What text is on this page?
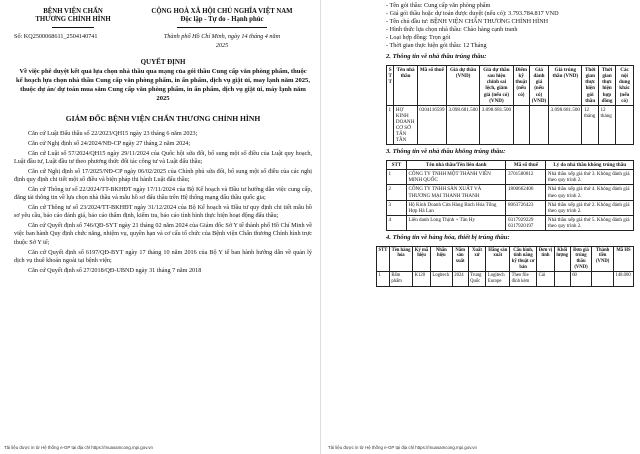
BỆNH VIỆN CHẤN
THƯƠNG CHỈNH HÌNH
CỘNG HOÀ XÃ HỘI CHỦ NGHĨA VIỆT NAM
Độc lập - Tự do - Hạnh phúc
Số: KQ2500068611_2504140741	Thành phố Hồ Chí Minh, ngày 14 tháng 4 năm
2025
QUYẾT ĐỊNH
Về việc phê duyệt kết quả lựa chọn nhà thầu qua mạng của gói thầu Cung cấp văn phòng phẩm, thuộc kế hoạch lựa chọn nhà thầu Cung cấp văn phòng phẩm, in ấn phẩm, dịch vụ giặt ủi, may lạnh năm 2025, thuộc dự án/ dự toán mua sắm Cung cấp văn phòng phẩm, in ấn phẩm, dịch vụ giặt ủi, máy lạnh năm 2025
GIÁM ĐỐC BỆNH VIỆN CHẤN THƯƠNG CHỈNH HÌNH

Căn cứ Luật Đấu thầu số 22/2023/QH15 ngày 23 tháng 6 năm 2023;

Căn cứ Nghị định số 24/2024/NĐ-CP ngày 27 tháng 2 năm 2024;

Căn cứ Luật số 57/2024/QH15 ngày 29/11/2024 của Quốc hội sửa đổi, bổ sung một số điều của Luật quy hoạch, Luật đầu tư, Luật đầu tư theo phương thức đối tác công tư và Luật đấu thầu;

Căn cứ Nghị định số 17/2025/NĐ-CP ngày 06/02/2025 của Chính phủ sửa đổi, bổ sung một số điều của các nghị định quy định chi tiết một số điều và biện pháp thi hành Luật đấu thầu;

Căn cứ Thông tư số 22/2024/TT-BKHĐT ngày 17/11/2024 của Bộ Kế hoạch và Đầu tư hướng dẫn việc cung cấp, đăng tải thông tin về lựa chọn nhà thầu và mẫu hồ sơ đấu thầu trên Hệ thống mạng đấu thầu quốc gia;

Căn cứ Thông tư số 23/2024/TT-BKHĐT ngày 31/12/2024 của Bộ Kế hoạch và Đầu tư quy định chi tiết mẫu hồ sơ yêu cầu, báo cáo đánh giá, báo cáo thẩm định, kiểm tra, báo cáo tình hình thực hiện hoạt động đấu thầu;

Căn cứ Quyết định số 746/QĐ-SYT ngày 21 tháng 02 năm 2024 của Giám đốc Sở Y tế thành phố Hồ Chí Minh về việc ban hành Quy định chức năng, nhiệm vụ, quyền hạn và cơ cấu tổ chức của Bệnh viện Chấn thương Chỉnh hình trực thuộc Sở Y tế;

Căn cứ Quyết định số 6197/QĐ-BYT ngày 17 tháng 10 năm 2016 của Bộ Y tế ban hành hướng dẫn về quản lý dịch vụ thuê khoán ngoài tại bệnh viện;

Căn cứ Quyết định số 27/2018/QĐ-UBND ngày 31 tháng 7 năm 2018

- Tên gói thầu: Cung cấp văn phòng phẩm
- Giá gói thầu hoặc dự toán được duyệt (nếu có): 3.793.784.817 VND
- Tên chủ đầu tư: BỆNH VIỆN CHẤN THƯƠNG CHỈNH HÌNH
- Hình thức lựa chọn nhà thầu: Chào hàng cạnh tranh
- Loại hợp đồng: Trọn gói
- Thời gian thực hiện gói thầu: 12 Tháng
2. Thông tin về nhà thầu trúng thầu:
S T T	Tên nhà thầu	Mã số thuế	Giá dự thầu (VND)	Giá dự thầu sau hiệu chỉnh sai lệch, giảm giá (nếu có) (VND)	Điểm kỹ thuật (nếu có)	Giá đánh giá (nếu có) (VND)	Giá trúng thầu (VND)	Thời gian thực hiện gói thầu	Thời gian thực hiện hợp đồng	Các nội dung khác (nếu có)
1	HỢ KINH DOANH CƠ SỞ TẤN TẦN	0304116599	3.098.681.500	3.098.681.500			3.098.681.500	12 tháng	12 tháng	
3. Thông tin về nhà thầu không trúng thầu:
STT	Tên nhà thầu/Tên liên danh	Mã số thuế	Lý do nhà thầu không trúng thầu
1	CÔNG TY TNHH MỘT THÀNH VIÊN MINH QUỐC	3701580812	Nhà thầu xếp giá thứ 3. Không đánh giá theo quy trình 2.
2	CÔNG TY TNHH SẢN XUẤT VÀ THƯƠNG MẠI THANH THANH	1800662406	Nhà thầu xếp giá thứ 4. Không đánh giá theo quy trình 2.
3	Hộ Kinh Doanh Cửa Hàng Bách Hóa Tổng Hợp Hà Lan	8063726423	Nhà thầu xếp giá thứ 2. Không đánh giá theo quy trình 2.
4	Liên danh Long Thịnh + Tân Hy	0317929229 0317920197	Nhà thầu xếp giá thứ 5. Không đánh giá theo quy trình 2.
4. Thông tin về hàng hóa, thiết bị trúng thầu:
STT	Tên hàng hóa	Ký mã hiệu	Nhãn hiệu	Năm sản xuất	Xuất xứ	Hãng sản xuất	Cấu hình, tính năng kỹ thuật cơ bản	Đơn vị tính	Khối lượng	Đơn giá trúng thầu (VND)	Thành tiền (VND)	Mã HS
1	Bấm phẩm	K120	Logitech	2024	Trung Quốc	Logitech Europe	Theo file đính kèm	Cái		60		148.000
Tải liệu được in từ Hệ thống e-GP tại địa chỉ https://muasamcong.mpi.gov.vn	Tải liệu được in từ Hệ thống e-GP tại địa chỉ https://muasamcong.mpi.gov.vn
